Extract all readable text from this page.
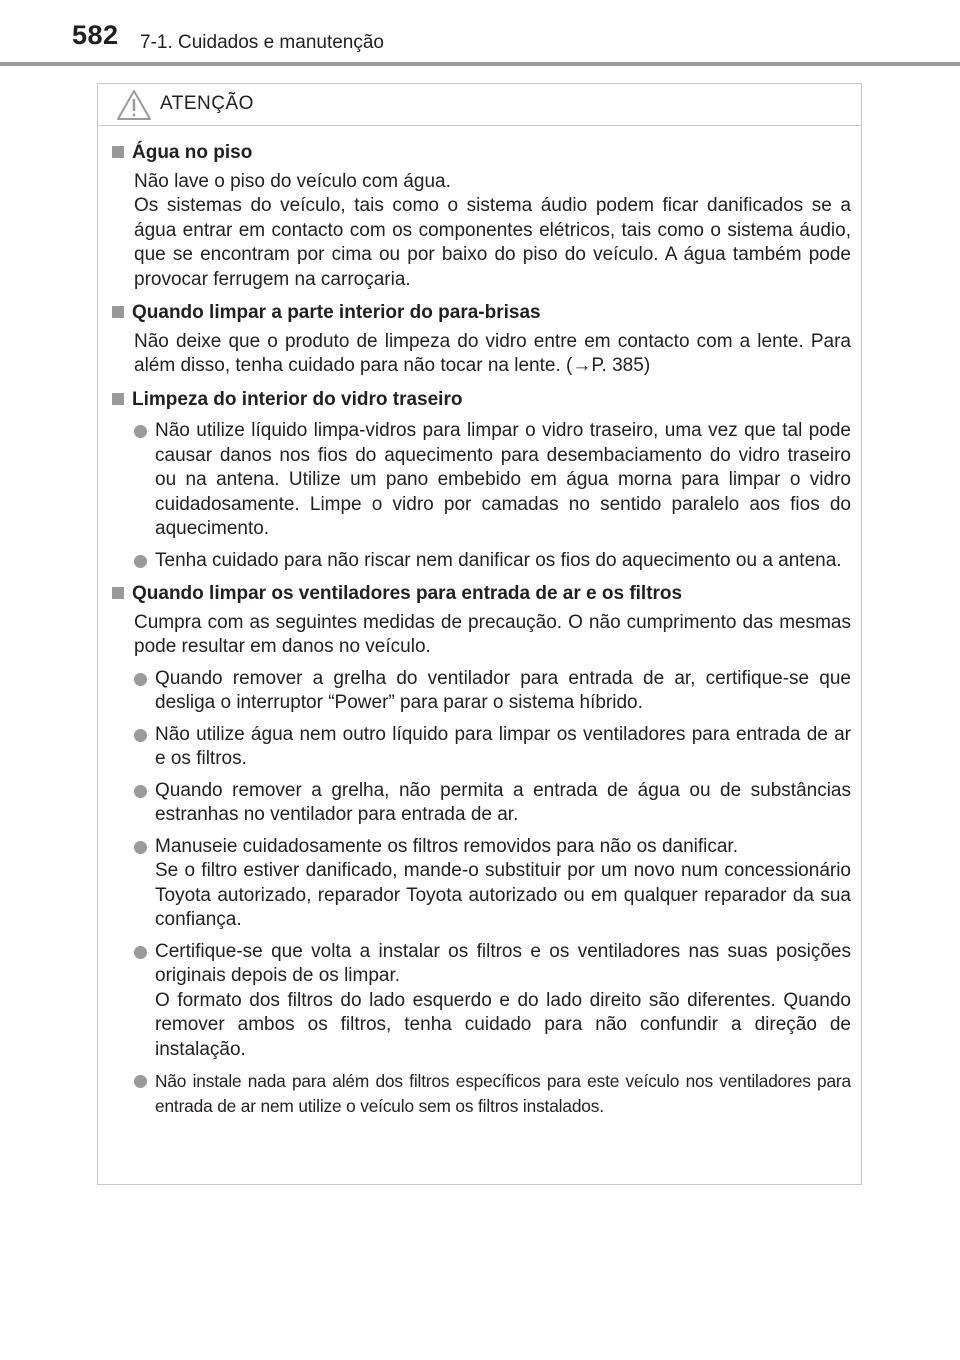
582 7-1. Cuidados e manutenção
ATENÇÃO
Água no piso
Não lave o piso do veículo com água.
Os sistemas do veículo, tais como o sistema áudio podem ficar danificados se a água entrar em contacto com os componentes elétricos, tais como o sistema áudio, que se encontram por cima ou por baixo do piso do veículo. A água também pode provocar ferrugem na carroçaria.
Quando limpar a parte interior do para-brisas
Não deixe que o produto de limpeza do vidro entre em contacto com a lente. Para além disso, tenha cuidado para não tocar na lente. (→P. 385)
Limpeza do interior do vidro traseiro
Não utilize líquido limpa-vidros para limpar o vidro traseiro, uma vez que tal pode causar danos nos fios do aquecimento para desembaciamento do vidro traseiro ou na antena. Utilize um pano embebido em água morna para limpar o vidro cuidadosamente. Limpe o vidro por camadas no sentido paralelo aos fios do aquecimento.
Tenha cuidado para não riscar nem danificar os fios do aquecimento ou a antena.
Quando limpar os ventiladores para entrada de ar e os filtros
Cumpra com as seguintes medidas de precaução. O não cumprimento das mesmas pode resultar em danos no veículo.
Quando remover a grelha do ventilador para entrada de ar, certifique-se que desliga o interruptor “Power” para parar o sistema híbrido.
Não utilize água nem outro líquido para limpar os ventiladores para entrada de ar e os filtros.
Quando remover a grelha, não permita a entrada de água ou de substâncias estranhas no ventilador para entrada de ar.
Manuseie cuidadosamente os filtros removidos para não os danificar.
Se o filtro estiver danificado, mande-o substituir por um novo num concessionário Toyota autorizado, reparador Toyota autorizado ou em qualquer reparador da sua confiança.
Certifique-se que volta a instalar os filtros e os ventiladores nas suas posições originais depois de os limpar.
O formato dos filtros do lado esquerdo e do lado direito são diferentes. Quando remover ambos os filtros, tenha cuidado para não confundir a direção de instalação.
Não instale nada para além dos filtros específicos para este veículo nos ventiladores para entrada de ar nem utilize o veículo sem os filtros instalados.
